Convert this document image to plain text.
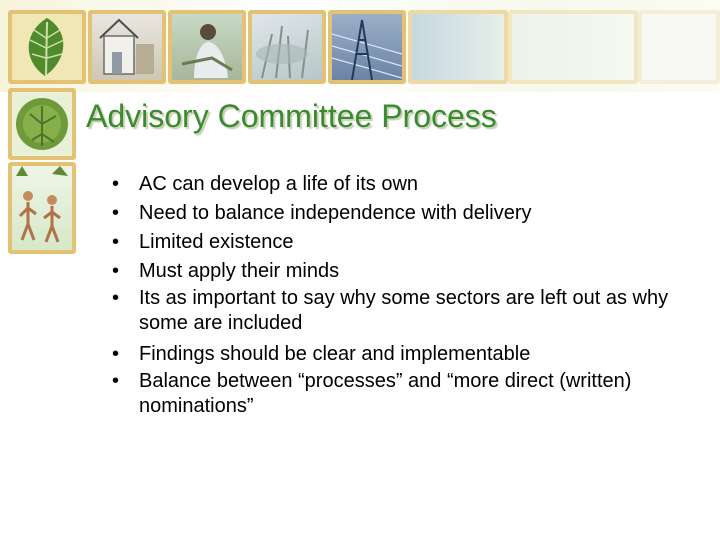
Advisory Committee Process
• AC can develop a life of its own
• Need to balance independence with delivery
• Limited existence
• Must apply their minds
• Its as important to say why some sectors are left out as why some are included
• Findings should be clear and implementable
• Balance between “processes” and “more direct (written) nominations”
